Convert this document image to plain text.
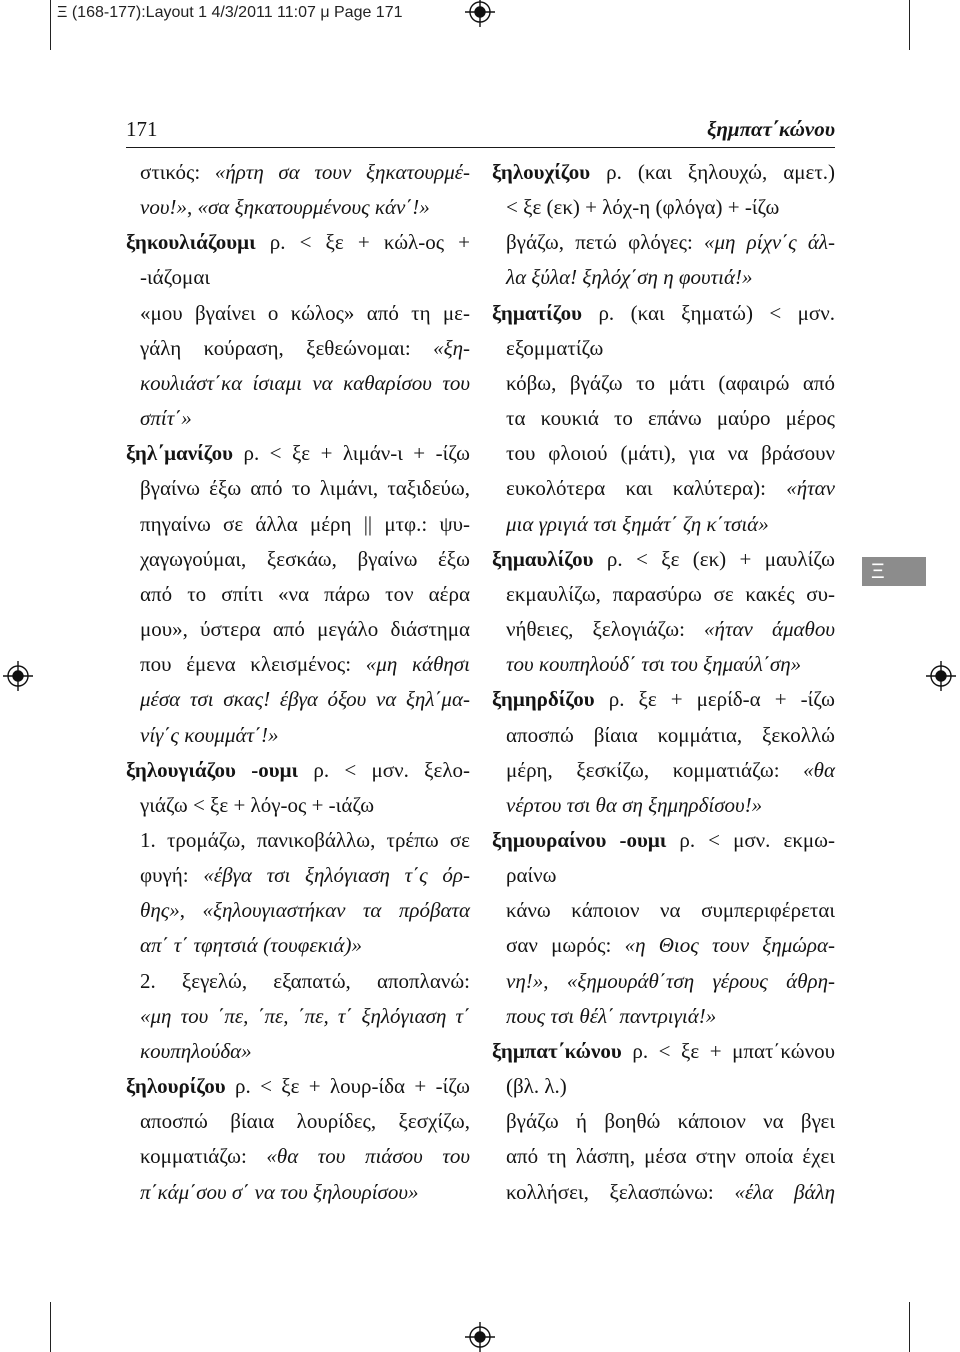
Ξ (168-177):Layout 1 4/3/2011 11:07 μ Page 171
171	ξημπατ΄κώνου
Ξ
στικός: «ήρτη σα τουν ξηκατουρμέ-
νου!», «σα ξηκατουρμένους κάν΄!»
ξηκουλιάζουμι ρ. < ξε + κώλ-ος +
-ιάζομαι
«μου βγαίνει ο κώλος» από τη με-
γάλη κούραση, ξεθεώνομαι: «ξη-
κουλιάστ΄κα ίσιαμι να καθαρίσου του
σπίτ΄»
ξηλ΄μανίζου ρ. < ξε + λιμάν-ι + -ίζω
βγαίνω έξω από το λιμάνι, ταξιδεύω,
πηγαίνω σε άλλα μέρη || μτφ.: ψυ-
χαγωγούμαι, ξεσκάω, βγαίνω έξω
από το σπίτι «να πάρω τον αέρα
μου», ύστερα από μεγάλο διάστημα
που έμενα κλεισμένος: «μη κάθησι
μέσα τσι σκας! έβγα όξου να ξηλ΄μα-
νίγ΄ς κουμμάτ΄!»
ξηλουγιάζου -ουμι ρ. < μσν. ξελο-
γιάζω < ξε + λόγ-ος + -ιάζω
1. τρομάζω, πανικοβάλλω, τρέπω σε
φυγή: «έβγα τσι ξηλόγιαση τ΄ς όρ-
θης», «ξηλουγιαστήκαν τα πρόβατα
απ΄ τ΄ τφητσιά (τουφεκιά)»
2. ξεγελώ, εξαπατώ, αποπλανώ:
«μη του ΄πε, ΄πε, ΄πε, τ΄ ξηλόγιαση τ΄
κουπηλούδα»
ξηλουρίζου ρ. < ξε + λουρ-ίδα + -ίζω
αποσπώ βίαια λουρίδες, ξεσχίζω,
κομματιάζω: «θα του πιάσου του
π΄κάμ΄σου σ΄ να του ξηλουρίσου»
ξηλουχίζου ρ. (και ξηλουχώ, αμετ.)
< ξε (εκ) + λόχ-η (φλόγα) + -ίζω
βγάζω, πετώ φλόγες: «μη ρίχν΄ς άλ-
λα ξύλα! ξηλόχ΄ση η φουτιά!»
ξηματίζου ρ. (και ξηματώ) < μσν.
εξομματίζω
κόβω, βγάζω το μάτι (αφαιρώ από
τα κουκιά το επάνω μαύρο μέρος
του φλοιού (μάτι), για να βράσουν
ευκολότερα και καλύτερα): «ήταν
μια γριγιά τσι ξημάτ΄ ζη κ΄τσιά»
ξημαυλίζου ρ. < ξε (εκ) + μαυλίζω
εκμαυλίζω, παρασύρω σε κακές συ-
νήθειες, ξελογιάζω: «ήταν άμαθου
του κουπηλούδ΄ τσι του ξημαύλ΄ση»
ξημηρδίζου ρ. ξε + μερίδ-α + -ίζω
αποσπώ βίαια κομμάτια, ξεκολλώ
μέρη, ξεσκίζω, κομματιάζω: «θα
νέρτου τσι θα ση ξημηρδίσου!»
ξημουραίνου -ουμι ρ. < μσν. εκμω-
ραίνω
κάνω κάποιον να συμπεριφέρεται
σαν μωρός: «η Θιος τουν ξημώρα-
νη!», «ξημουράθ΄τση γέρους άθρη-
πους τσι θέλ΄ παντριγιά!»
ξημπατ΄κώνου ρ. < ξε + μπατ΄κώνου
(βλ. λ.)
βγάζω ή βοηθώ κάποιον να βγει
από τη λάσπη, μέσα στην οποία έχει
κολλήσει, ξελασπώνω: «έλα βάλη
